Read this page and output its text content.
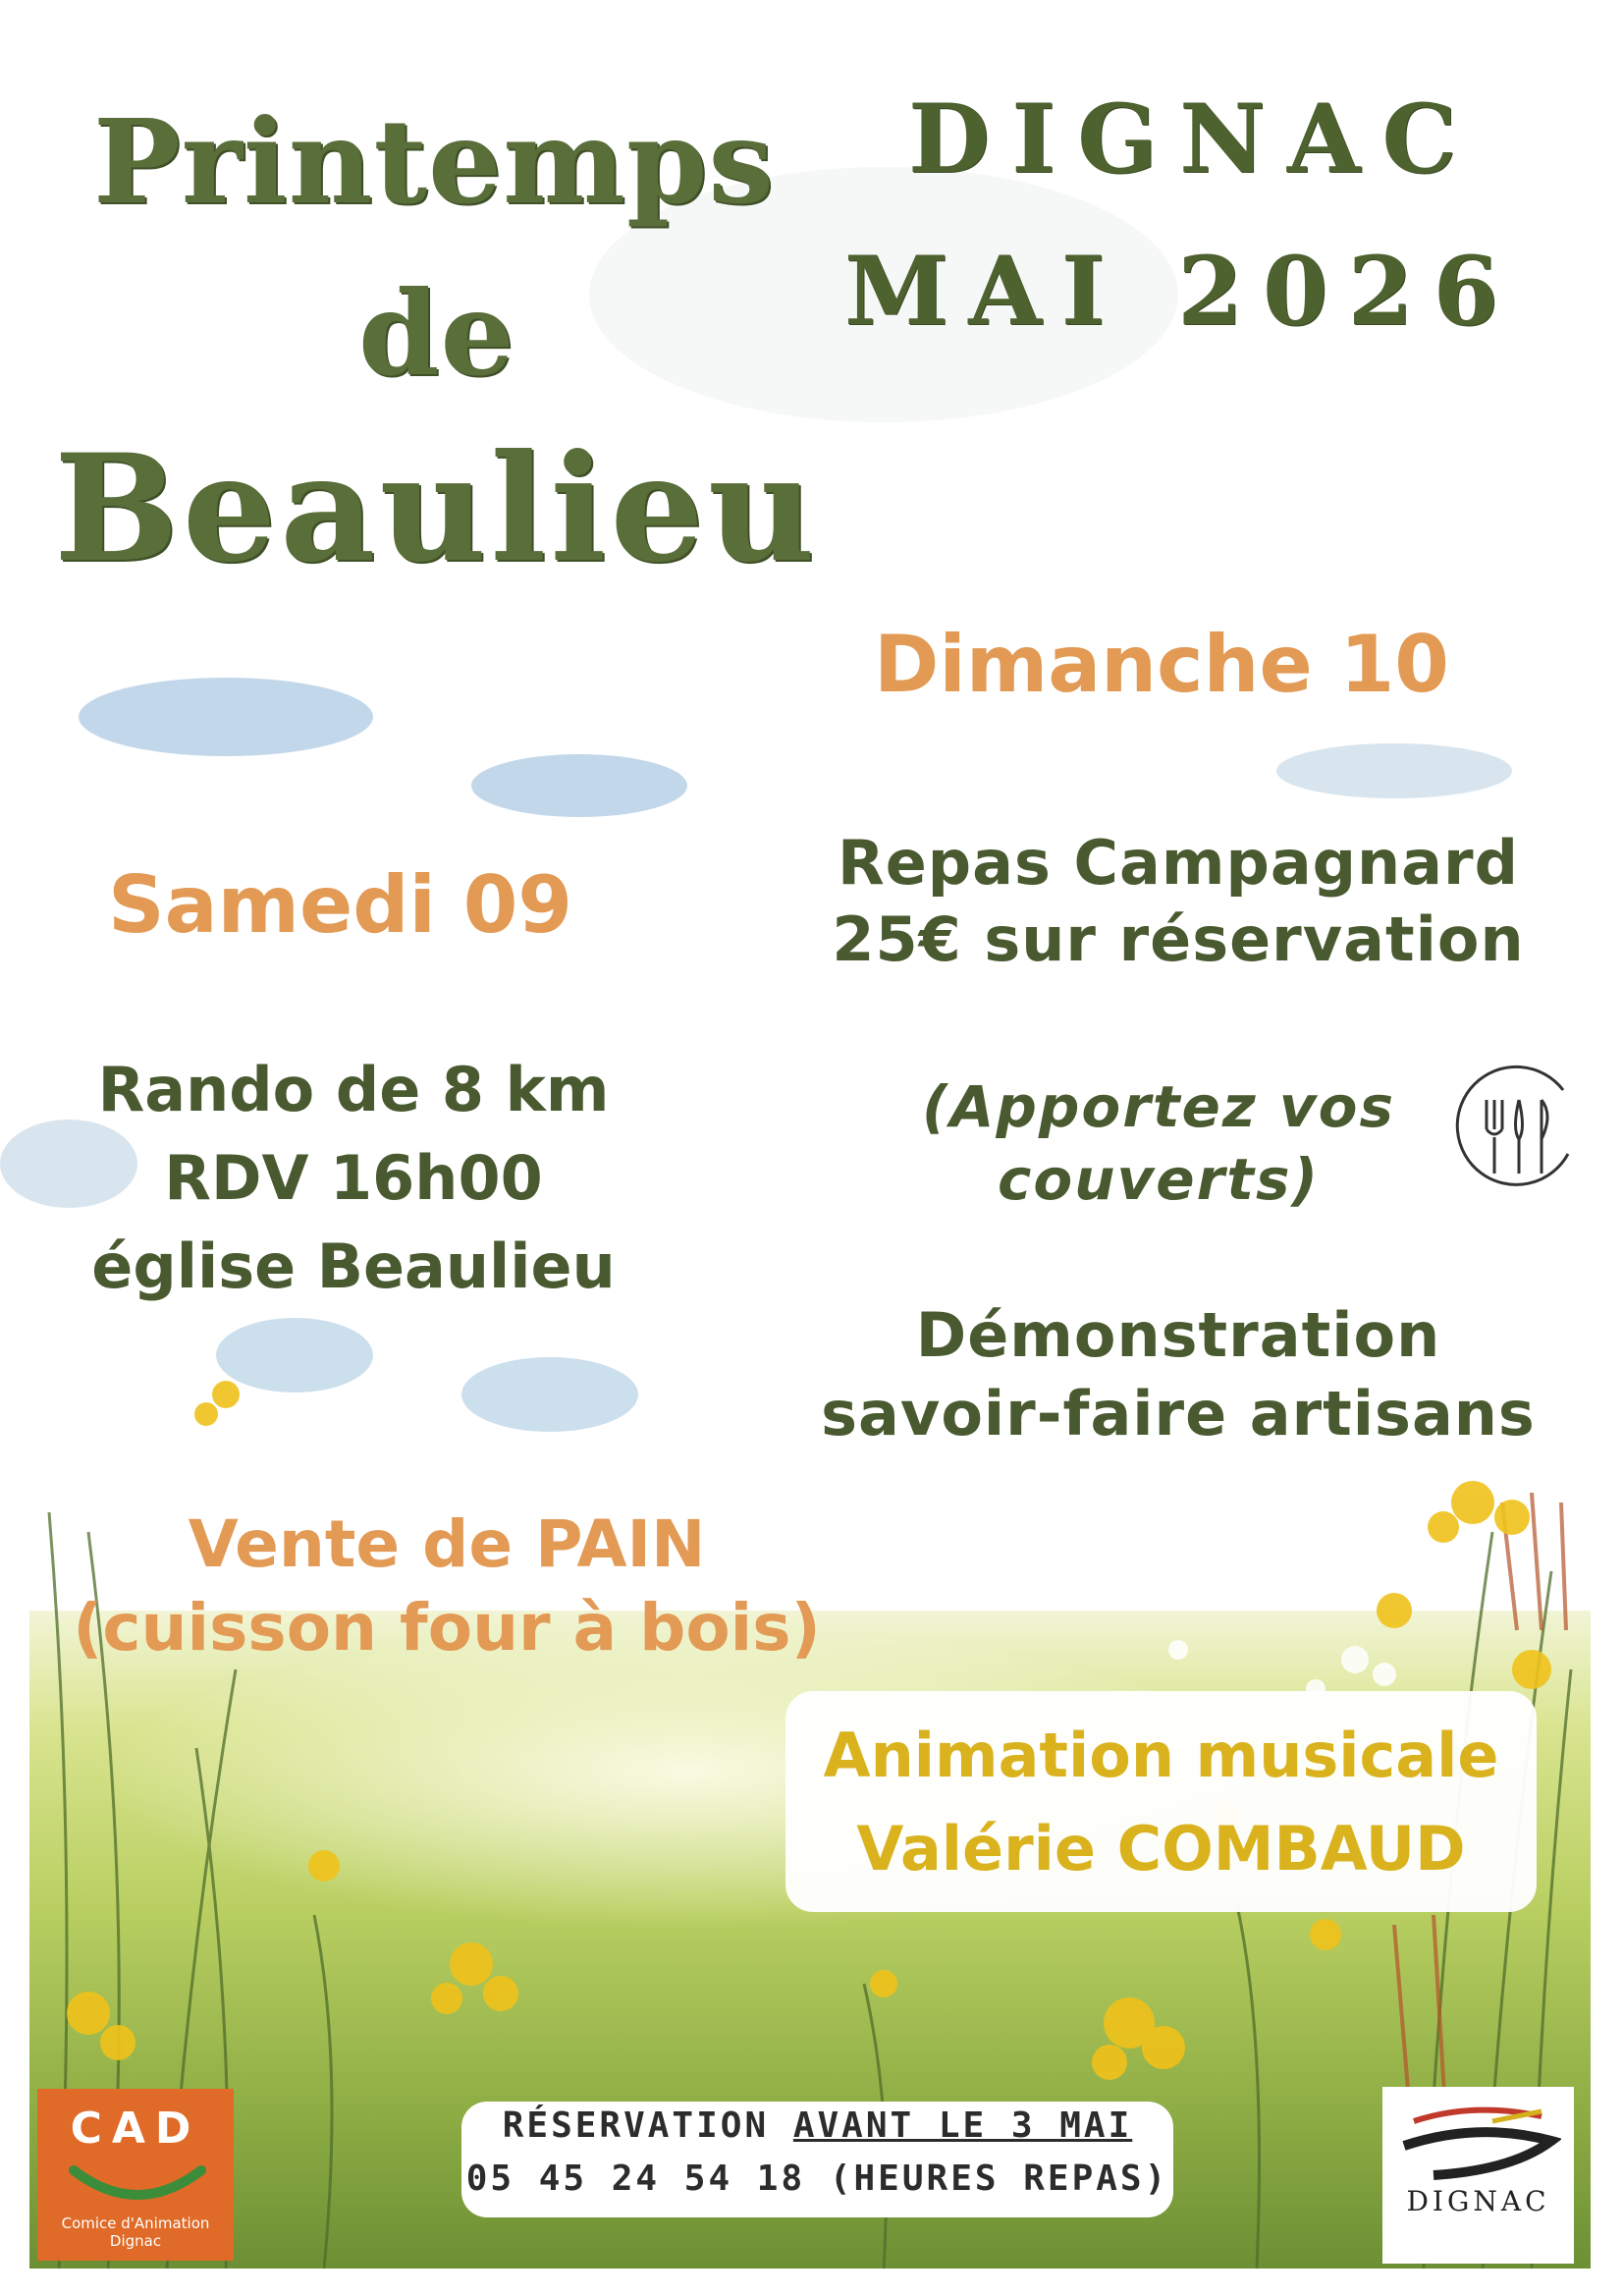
Printemps
de
Beaulieu
DIGNAC
MAI 2026
Dimanche 10
Repas Campagnard
25€ sur réservation
(Apportez vos
couverts)
Démonstration
savoir-faire artisans
Samedi 09
Rando de 8 km
RDV 16h00
église Beaulieu
Vente de PAIN
(cuisson four à bois)
Animation musicale
Valérie COMBAUD
RÉSERVATION AVANT LE 3 MAI
05 45 24 54 18 (HEURES REPAS)
CAD
Comice d'Animation
Dignac
DIGNAC
